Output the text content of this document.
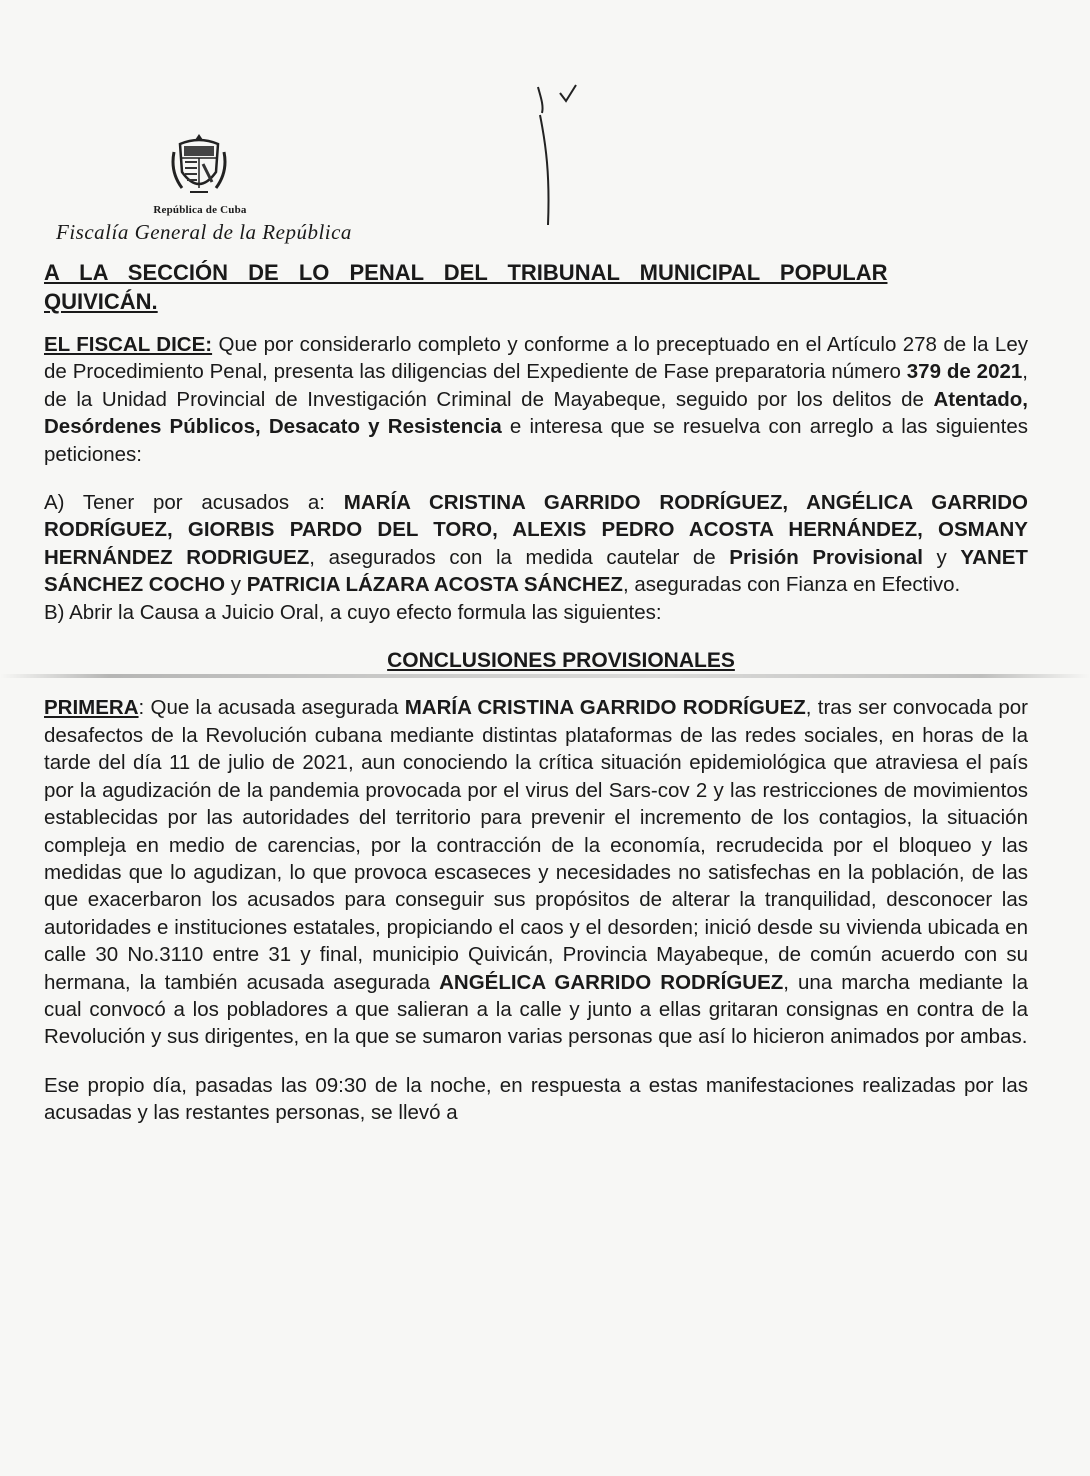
República de Cuba
Fiscalía General de la República
A LA SECCIÓN DE LO PENAL DEL TRIBUNAL MUNICIPAL POPULAR
QUIVICÁN.

EL FISCAL DICE: Que por considerarlo completo y conforme a lo preceptuado en el Artículo 278 de la Ley de Procedimiento Penal, presenta las diligencias del Expediente de Fase preparatoria número 379 de 2021, de la Unidad Provincial de Investigación Criminal de Mayabeque, seguido por los delitos de Atentado, Desórdenes Públicos, Desacato y Resistencia e interesa que se resuelva con arreglo a las siguientes peticiones:

A) Tener por acusados a: MARÍA CRISTINA GARRIDO RODRÍGUEZ, ANGÉLICA GARRIDO RODRÍGUEZ, GIORBIS PARDO DEL TORO, ALEXIS PEDRO ACOSTA HERNÁNDEZ, OSMANY HERNÁNDEZ RODRIGUEZ, asegurados con la medida cautelar de Prisión Provisional y YANET SÁNCHEZ COCHO y PATRICIA LÁZARA ACOSTA SÁNCHEZ, aseguradas con Fianza en Efectivo.

B) Abrir la Causa a Juicio Oral, a cuyo efecto formula las siguientes:

CONCLUSIONES PROVISIONALES

PRIMERA: Que la acusada asegurada MARÍA CRISTINA GARRIDO RODRÍGUEZ, tras ser convocada por desafectos de la Revolución cubana mediante distintas plataformas de las redes sociales, en horas de la tarde del día 11 de julio de 2021, aun conociendo la crítica situación epidemiológica que atraviesa el país por la agudización de la pandemia provocada por el virus del Sars-cov 2 y las restricciones de movimientos establecidas por las autoridades del territorio para prevenir el incremento de los contagios, la situación compleja en medio de carencias, por la contracción de la economía, recrudecida por el bloqueo y las medidas que lo agudizan, lo que provoca escaseces y necesidades no satisfechas en la población, de las que exacerbaron los acusados para conseguir sus propósitos de alterar la tranquilidad, desconocer las autoridades e instituciones estatales, propiciando el caos y el desorden; inició desde su vivienda ubicada en calle 30 No.3110 entre 31 y final, municipio Quivicán, Provincia Mayabeque, de común acuerdo con su hermana, la también acusada asegurada ANGÉLICA GARRIDO RODRÍGUEZ, una marcha mediante la cual convocó a los pobladores a que salieran a la calle y junto a ellas gritaran consignas en contra de la Revolución y sus dirigentes, en la que se sumaron varias personas que así lo hicieron animados por ambas.

Ese propio día, pasadas las 09:30 de la noche, en respuesta a estas manifestaciones realizadas por las acusadas y las restantes personas, se llevó a
